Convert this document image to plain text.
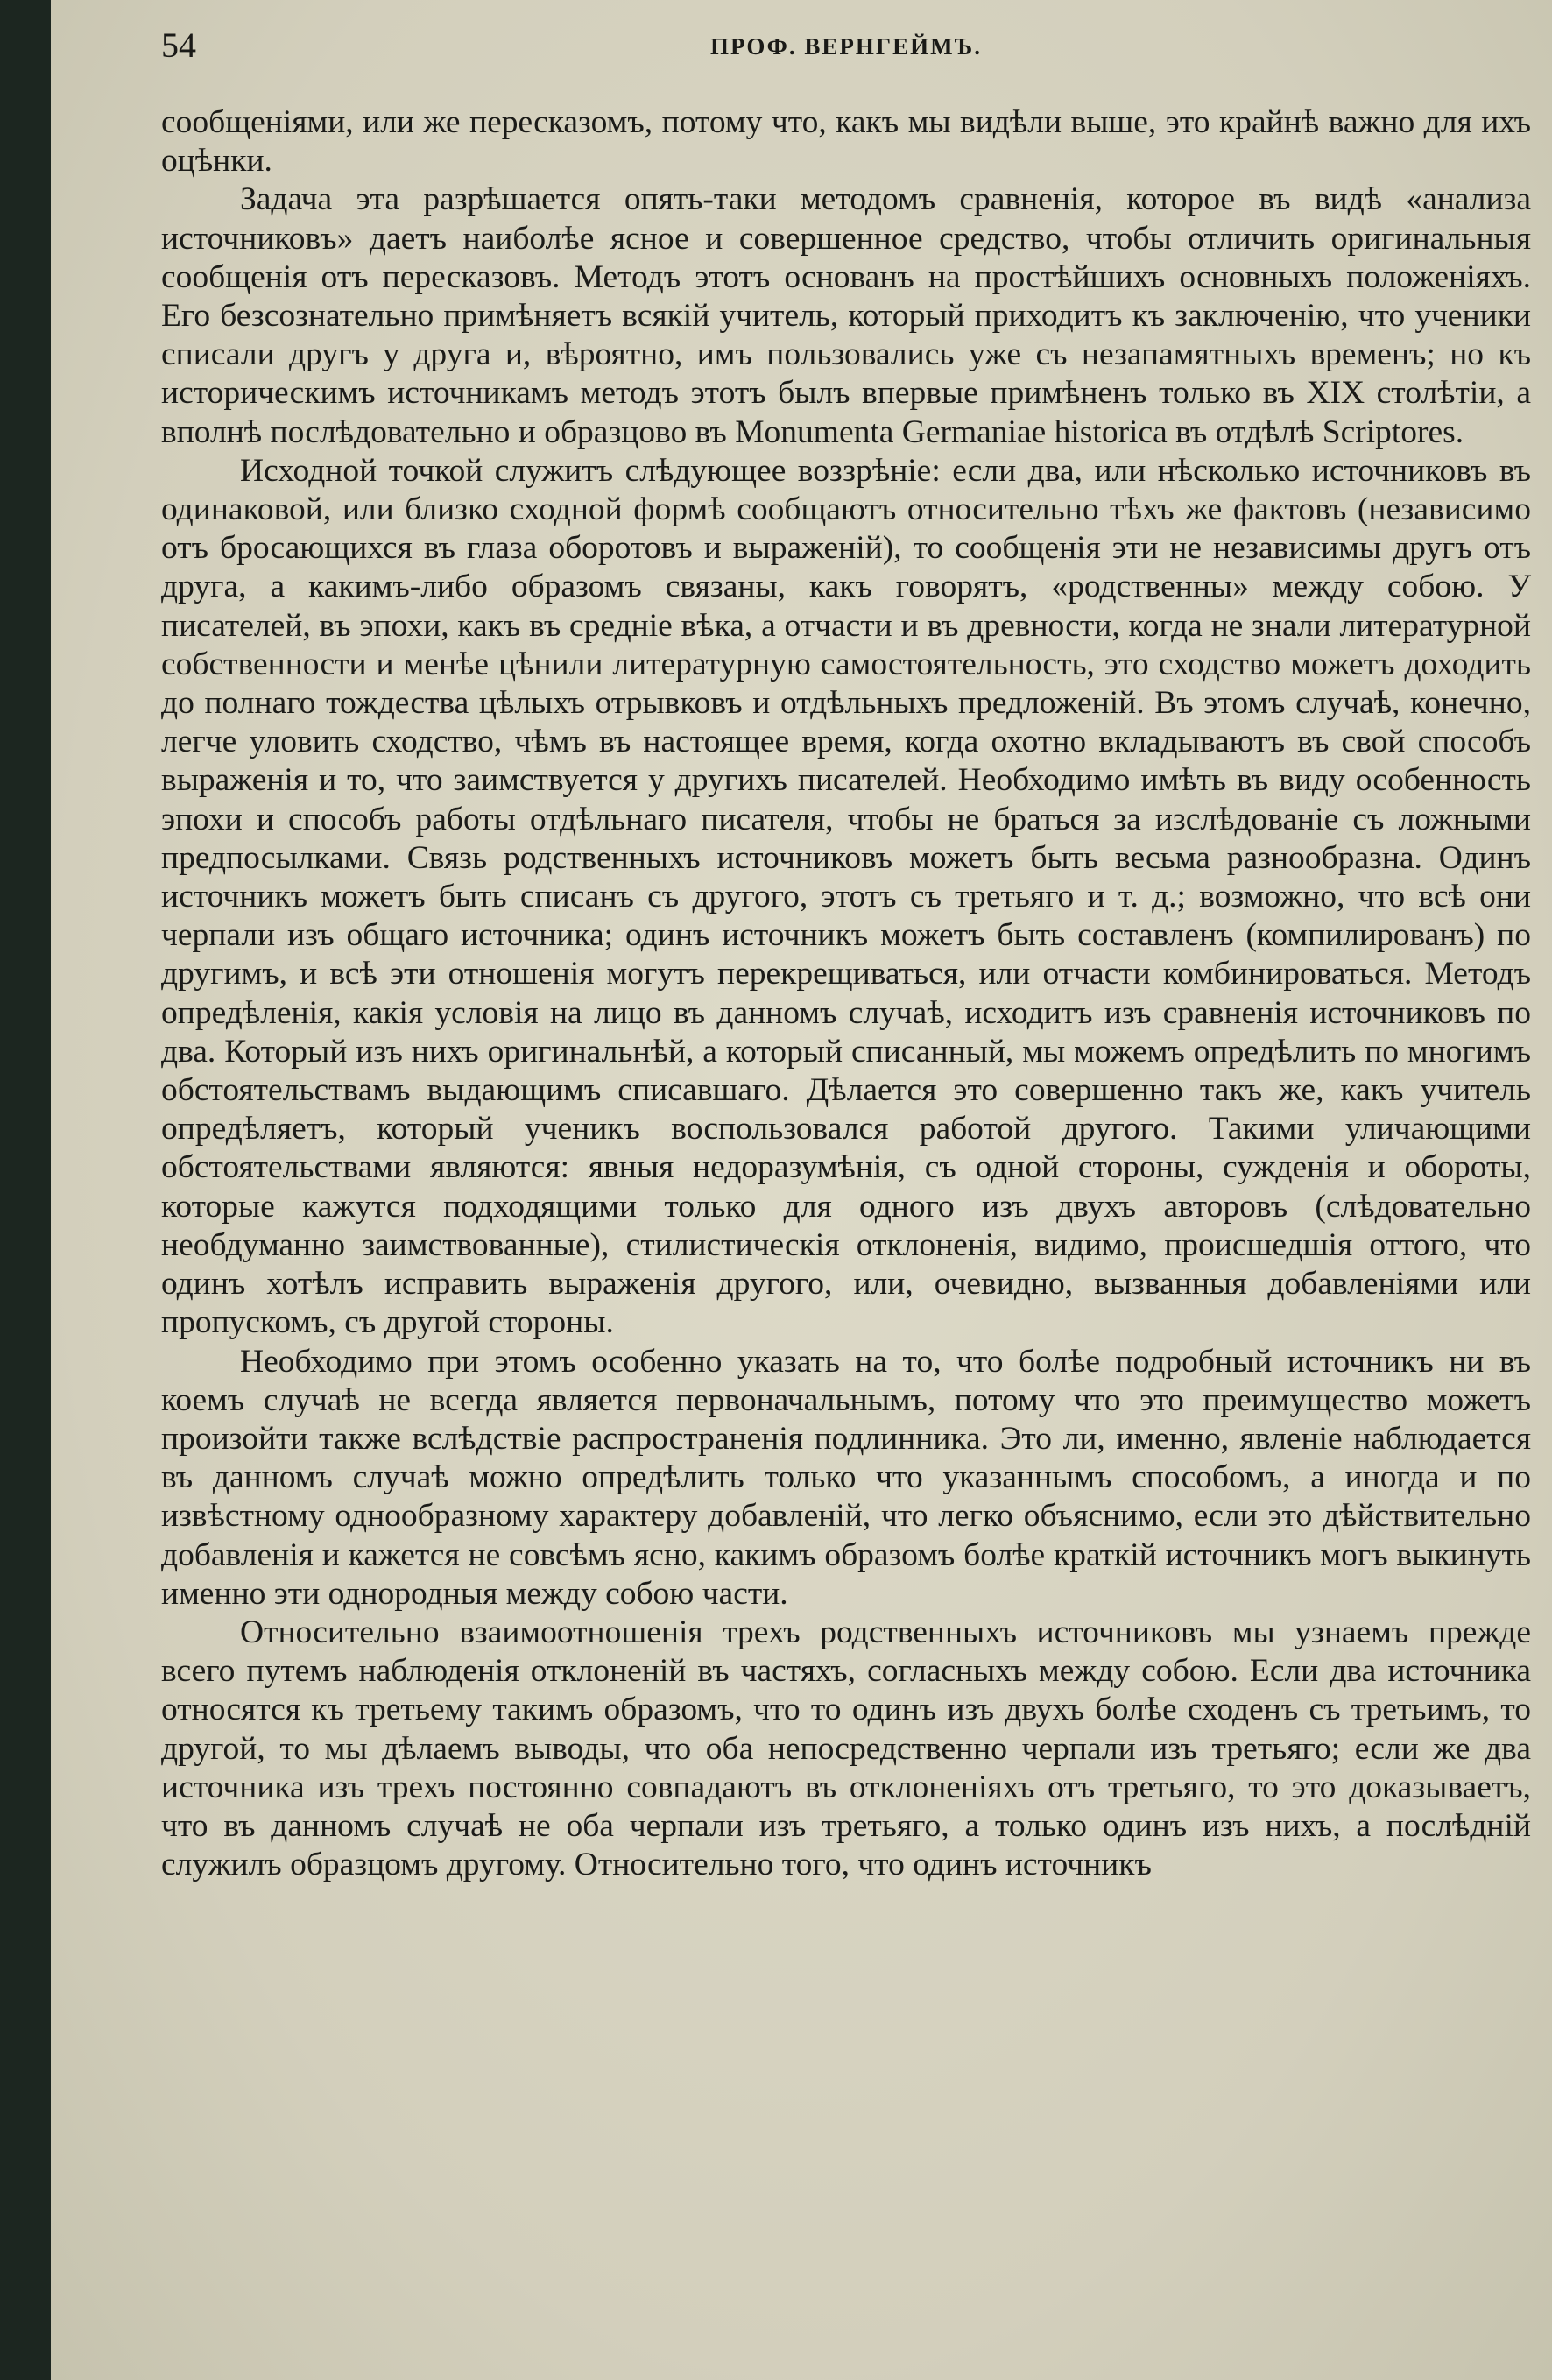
54	ПРОФ. ВЕРНГЕЙМЪ.

сообщеніями, или же пересказомъ, потому что, какъ мы видѣли выше, это крайнѣ важно для ихъ оцѣнки.

Задача эта разрѣшается опять-таки методомъ сравненія, которое въ видѣ «анализа источниковъ» даетъ наиболѣе ясное и совершенное средство, чтобы отличить оригинальныя сообщенія отъ пересказовъ. Методъ этотъ основанъ на простѣйшихъ основныхъ положеніяхъ. Его безсознательно примѣняетъ всякій учитель, который приходитъ къ заключенію, что ученики списали другъ у друга и, вѣроятно, имъ пользовались уже съ незапамятныхъ временъ; но къ историческимъ источникамъ методъ этотъ былъ впервые примѣненъ только въ XIX столѣтіи, а вполнѣ послѣдовательно и образцово въ Monumenta Germaniae historica въ отдѣлѣ Scriptores.

Исходной точкой служитъ слѣдующее воззрѣніе: если два, или нѣсколько источниковъ въ одинаковой, или близко сходной формѣ сообщаютъ относительно тѣхъ же фактовъ (независимо отъ бросающихся въ глаза оборотовъ и выраженій), то сообщенія эти не независимы другъ отъ друга, а какимъ-либо образомъ связаны, какъ говорятъ, «родственны» между собою. У писателей, въ эпохи, какъ въ средніе вѣка, а отчасти и въ древности, когда не знали литературной собственности и менѣе цѣнили литературную самостоятельность, это сходство можетъ доходить до полнаго тождества цѣлыхъ отрывковъ и отдѣльныхъ предложеній. Въ этомъ случаѣ, конечно, легче уловить сходство, чѣмъ въ настоящее время, когда охотно вкладываютъ въ свой способъ выраженія и то, что заимствуется у другихъ писателей. Необходимо имѣть въ виду особенность эпохи и способъ работы отдѣльнаго писателя, чтобы не браться за изслѣдованіе съ ложными предпосылками. Связь родственныхъ источниковъ можетъ быть весьма разнообразна. Одинъ источникъ можетъ быть списанъ съ другого, этотъ съ третьяго и т. д.; возможно, что всѣ они черпали изъ общаго источника; одинъ источникъ можетъ быть составленъ (компилированъ) по другимъ, и всѣ эти отношенія могутъ перекрещиваться, или отчасти комбинироваться. Методъ опредѣленія, какія условія на лицо въ данномъ случаѣ, исходитъ изъ сравненія источниковъ по два. Который изъ нихъ оригинальнѣй, а который списанный, мы можемъ опредѣлить по многимъ обстоятельствамъ выдающимъ списавшаго. Дѣлается это совершенно такъ же, какъ учитель опредѣляетъ, который ученикъ воспользовался работой другого. Такими уличающими обстоятельствами являются: явныя недоразумѣнія, съ одной стороны, сужденія и обороты, которые кажутся подходящими только для одного изъ двухъ авторовъ (слѣдовательно необдуманно заимствованные), стилистическія отклоненія, видимо, происшедшія оттого, что одинъ хотѣлъ исправить выраженія другого, или, очевидно, вызванныя добавленіями или пропускомъ, съ другой стороны.

Необходимо при этомъ особенно указать на то, что болѣе подробный источникъ ни въ коемъ случаѣ не всегда является первоначальнымъ, потому что это преимущество можетъ произойти также вслѣдствіе распространенія подлинника. Это ли, именно, явленіе наблюдается въ данномъ случаѣ можно опредѣлить только что указаннымъ способомъ, а иногда и по извѣстному однообразному характеру добавленій, что легко объяснимо, если это дѣйствительно добавленія и кажется не совсѣмъ ясно, какимъ образомъ болѣе краткій источникъ могъ выкинуть именно эти однородныя между собою части.

Относительно взаимоотношенія трехъ родственныхъ источниковъ мы узнаемъ прежде всего путемъ наблюденія отклоненій въ частяхъ, согласныхъ между собою. Если два источника относятся къ третьему такимъ образомъ, что то одинъ изъ двухъ болѣе сходенъ съ третьимъ, то другой, то мы дѣлаемъ выводы, что оба непосредственно черпали изъ третьяго; если же два источника изъ трехъ постоянно совпадаютъ въ отклоненіяхъ отъ третьяго, то это доказываетъ, что въ данномъ случаѣ не оба черпали изъ третьяго, а только одинъ изъ нихъ, а послѣдній служилъ образцомъ другому. Относительно того, что одинъ источникъ
